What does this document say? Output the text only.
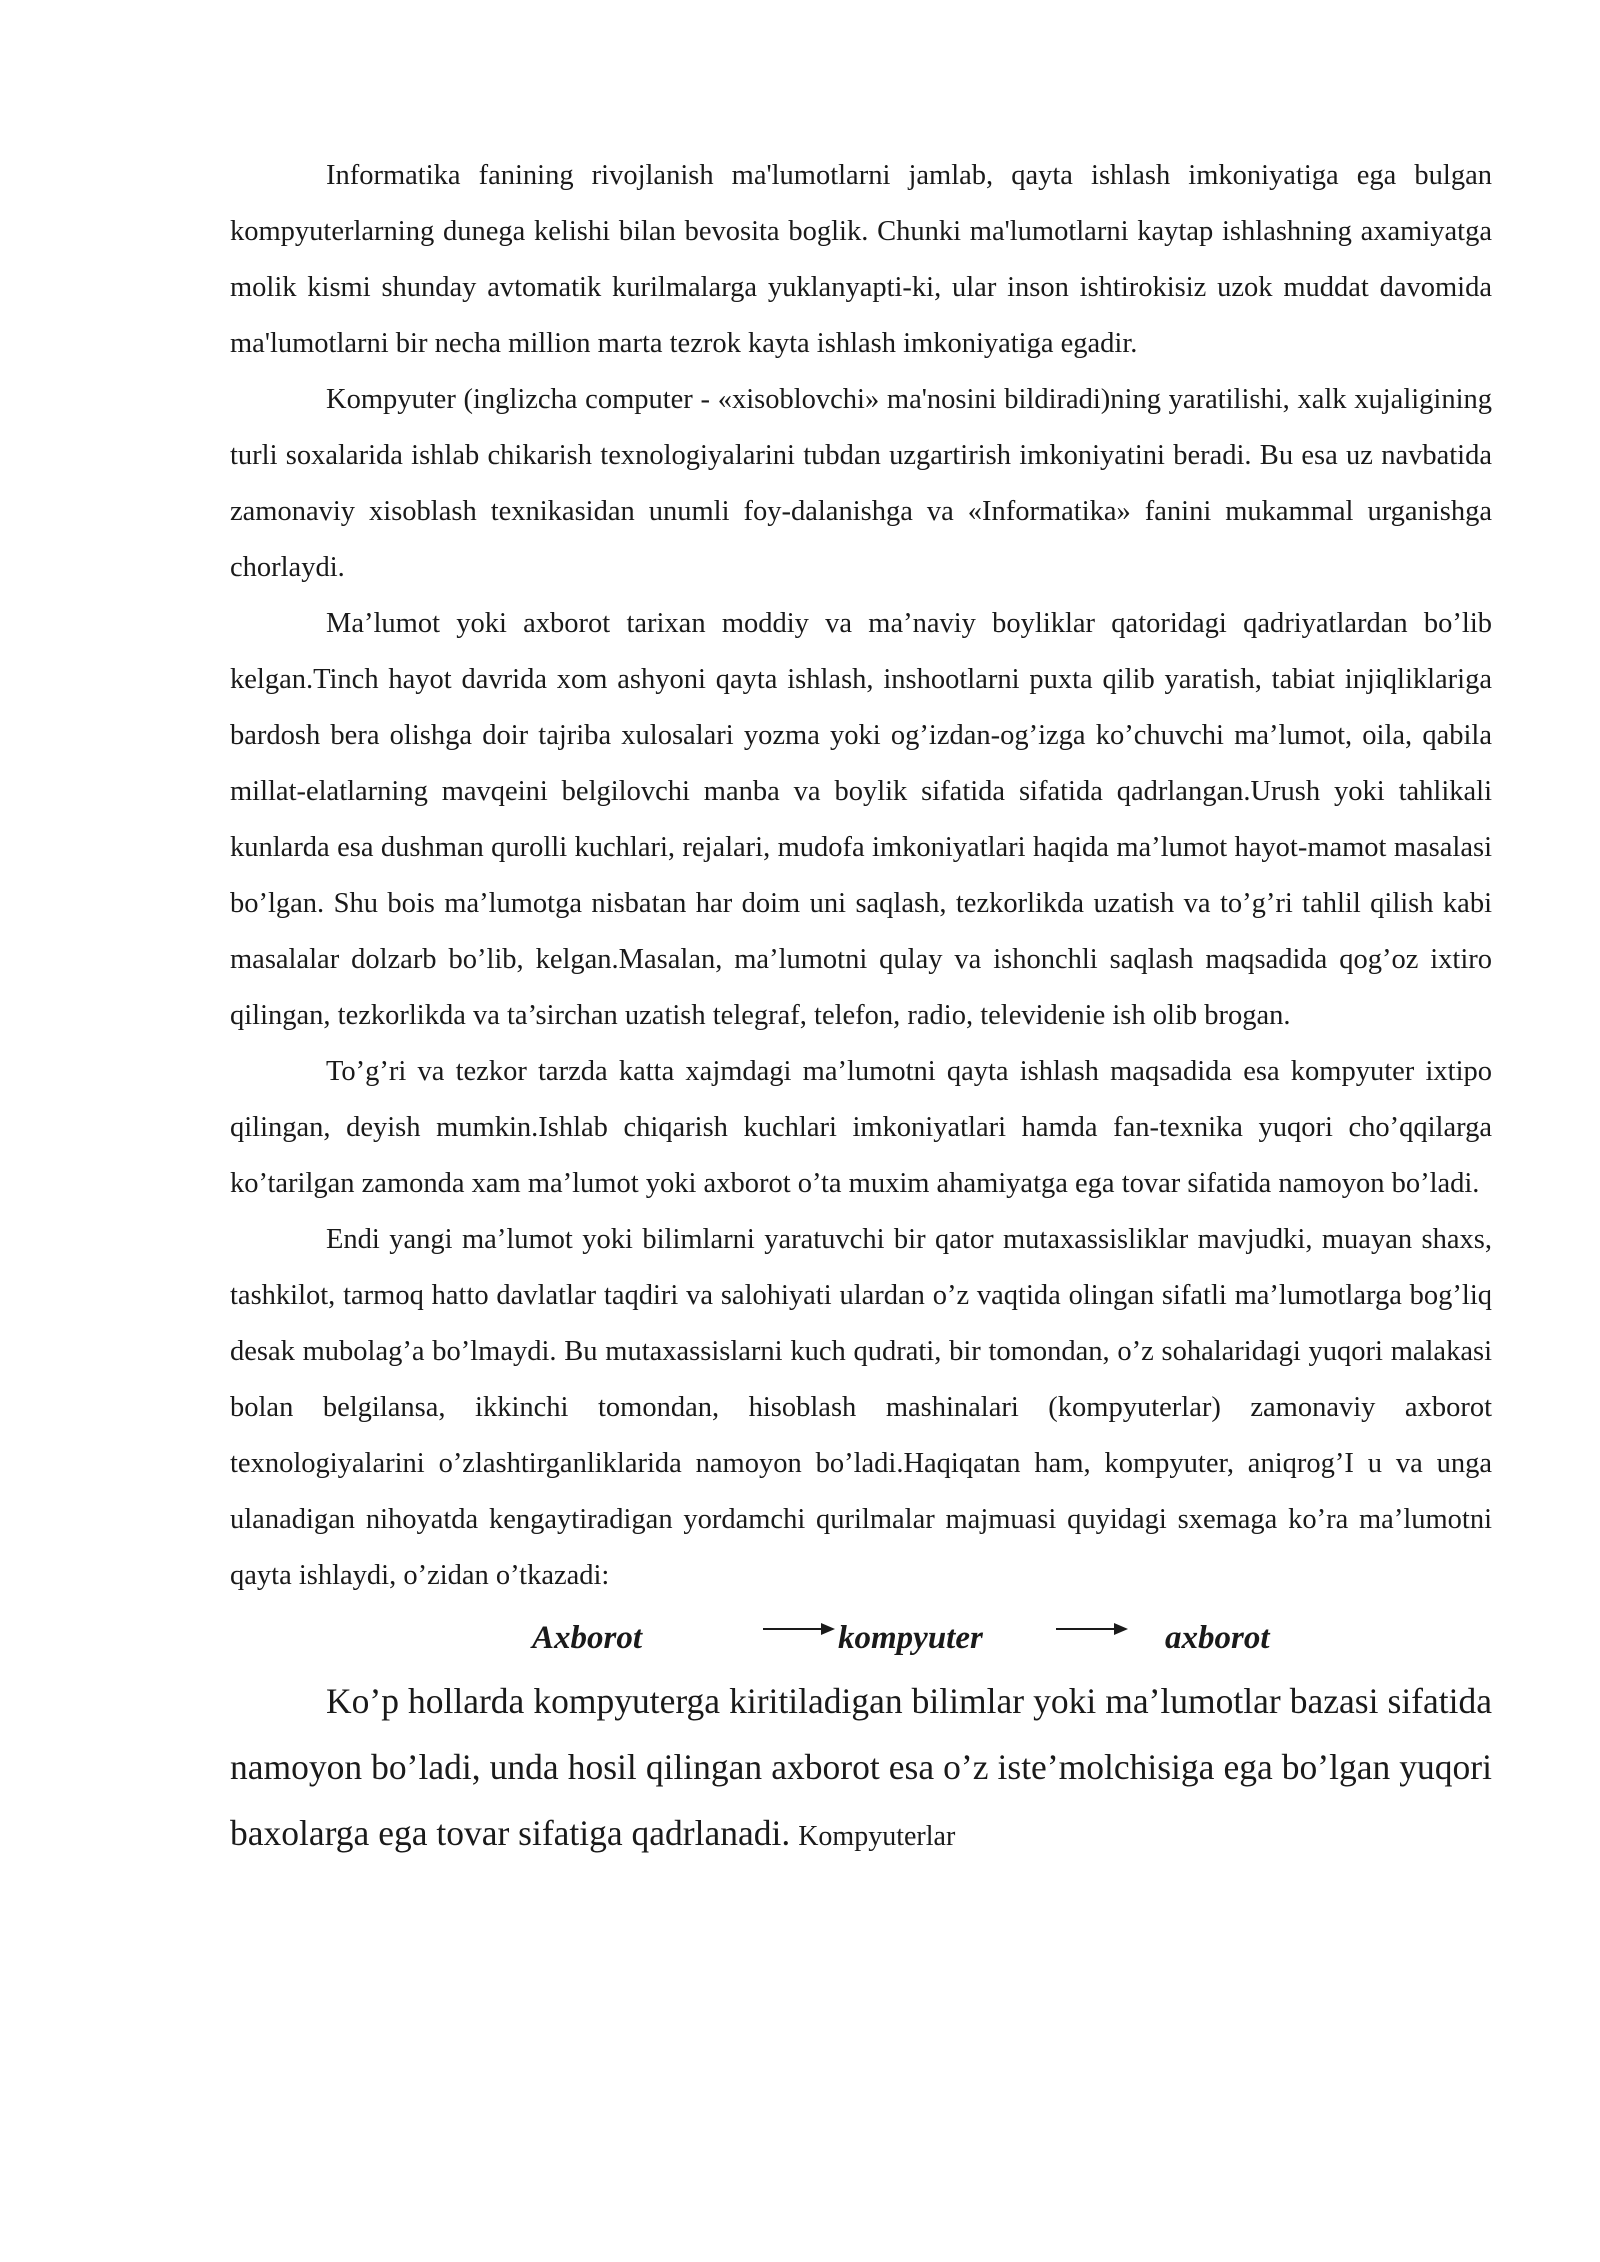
Informatika fanining rivojlanish ma'lumotlarni jamlab, qayta ishlash imkoniyatiga ega bulgan kompyuterlarning dunega kelishi bilan bevosita boglik. Chunki ma'lumotlarni kaytap ishlashning axamiyatga molik kismi shunday avtomatik kurilmalarga yuklanyapti-ki, ular inson ishtirokisiz uzok muddat davomida ma'lumotlarni bir necha million marta tezrok kayta ishlash imkoniyatiga egadir.

Kompyuter (inglizcha computer - «xisoblovchi» ma'nosini bildiradi)ning yaratilishi, xalk xujaligining turli soxalarida ishlab chikarish texnologiyalarini tubdan uzgartirish imkoniyatini beradi. Bu esa uz navbatida zamonaviy xisoblash texnikasidan unumli foy-dalanishga va «Informatika» fanini mukammal urganishga chorlaydi.

Ma’lumot yoki axborot tarixan moddiy va ma’naviy boyliklar qatoridagi qadriyatlardan bo’lib kelgan.Tinch hayot davrida xom ashyoni qayta ishlash, inshootlarni puxta qilib yaratish, tabiat injiqliklariga bardosh bera olishga doir tajriba xulosalari yozma yoki og’izdan-og’izga ko’chuvchi ma’lumot, oila, qabila millat-elatlarning mavqeini belgilovchi manba va boylik sifatida sifatida qadrlangan.Urush yoki tahlikali kunlarda esa dushman qurolli kuchlari, rejalari, mudofa imkoniyatlari haqida ma’lumot hayot-mamot masalasi bo’lgan. Shu bois ma’lumotga nisbatan har doim uni saqlash, tezkorlikda uzatish va to’g’ri tahlil qilish kabi masalalar dolzarb bo’lib, kelgan.Masalan, ma’lumotni qulay va ishonchli saqlash maqsadida qog’oz ixtiro qilingan, tezkorlikda va ta’sirchan uzatish telegraf, telefon, radio, televidenie ish olib brogan.

To’g’ri va tezkor tarzda katta xajmdagi ma’lumotni qayta ishlash maqsadida esa kompyuter ixtipo qilingan, deyish mumkin.Ishlab chiqarish kuchlari imkoniyatlari hamda fan-texnika yuqori cho’qqilarga ko’tarilgan zamonda xam ma’lumot yoki axborot o’ta muxim ahamiyatga ega tovar sifatida namoyon bo’ladi.

Endi yangi ma’lumot yoki bilimlarni yaratuvchi bir qator mutaxassisliklar mavjudki, muayan shaxs, tashkilot, tarmoq hatto davlatlar taqdiri va salohiyati ulardan o’z vaqtida olingan sifatli ma’lumotlarga bog’liq desak mubolag’a bo’lmaydi. Bu mutaxassislarni kuch qudrati, bir tomondan, o’z sohalaridagi yuqori malakasi bolan belgilansa, ikkinchi tomondan, hisoblash mashinalari (kompyuterlar) zamonaviy axborot texnologiyalarini o’zlashtirganliklarida namoyon bo’ladi.Haqiqatan ham, kompyuter, aniqrog’I u va unga ulanadigan nihoyatda kengaytiradigan yordamchi qurilmalar majmuasi quyidagi sxemaga ko’ra ma’lumotni qayta ishlaydi, o’zidan o’tkazadi:

Axborot	kompyuter	axborot

Ko’p hollarda kompyuterga kiritiladigan bilimlar yoki ma’lumotlar bazasi sifatida namoyon bo’ladi, unda hosil qilingan axborot esa o’z iste’molchisiga ega bo’lgan yuqori baxolarga ega tovar sifatiga qadrlanadi. Kompyuterlar
